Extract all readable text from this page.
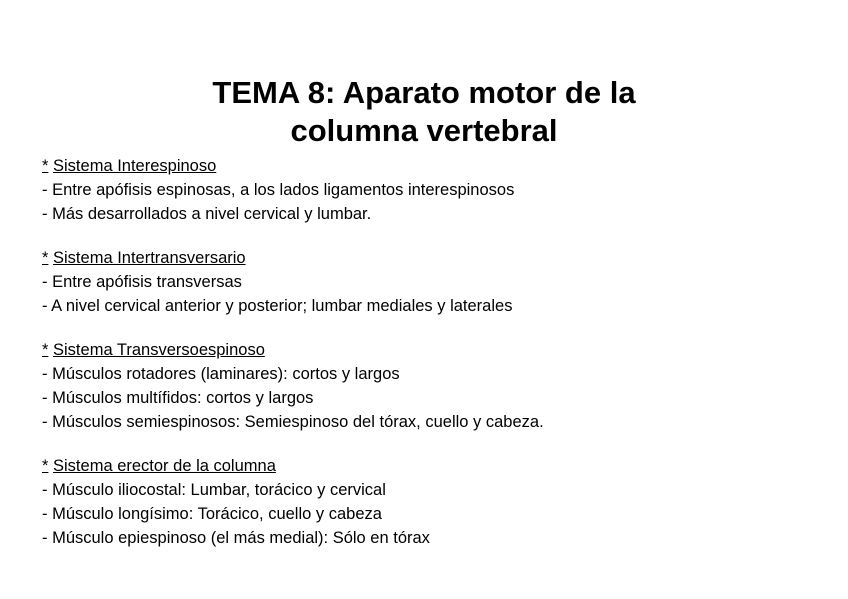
TEMA 8: Aparato motor de la
columna vertebral
* Sistema Interespinoso
- Entre apófisis espinosas, a los lados ligamentos interespinosos
- Más desarrollados a nivel cervical y lumbar.
* Sistema Intertransversario
- Entre apófisis transversas
- A nivel cervical anterior y posterior; lumbar mediales y laterales
* Sistema Transversoespinoso
- Músculos rotadores (laminares): cortos y largos
- Músculos multífidos: cortos y largos
- Músculos semiespinosos: Semiespinoso del tórax, cuello y cabeza.
* Sistema erector de la columna
- Músculo iliocostal: Lumbar, torácico y cervical
- Músculo longísimo: Torácico, cuello y cabeza
- Músculo epiespinoso (el más medial): Sólo en tórax
